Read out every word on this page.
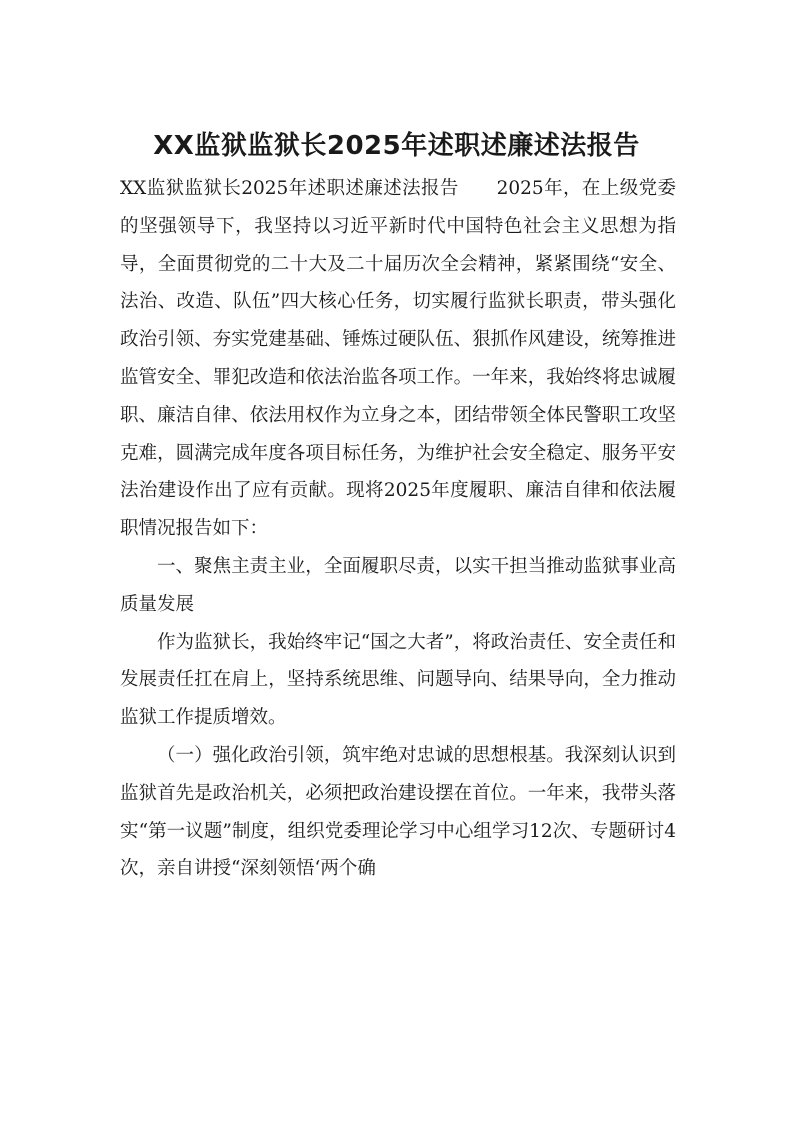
XX监狱监狱长2025年述职述廉述法报告

XX监狱监狱长2025年述职述廉述法报告　　2025年，在上级党委的坚强领导下，我坚持以习近平新时代中国特色社会主义思想为指导，全面贯彻党的二十大及二十届历次全会精神，紧紧围绕“安全、法治、改造、队伍”四大核心任务，切实履行监狱长职责，带头强化政治引领、夯实党建基础、锤炼过硬队伍、狠抓作风建设，统筹推进监管安全、罪犯改造和依法治监各项工作。一年来，我始终将忠诚履职、廉洁自律、依法用权作为立身之本，团结带领全体民警职工攻坚克难，圆满完成年度各项目标任务，为维护社会安全稳定、服务平安法治建设作出了应有贡献。现将2025年度履职、廉洁自律和依法履职情况报告如下：

一、聚焦主责主业，全面履职尽责，以实干担当推动监狱事业高质量发展

作为监狱长，我始终牢记“国之大者”，将政治责任、安全责任和发展责任扛在肩上，坚持系统思维、问题导向、结果导向，全力推动监狱工作提质增效。

（一）强化政治引领，筑牢绝对忠诚的思想根基。我深刻认识到监狱首先是政治机关，必须把政治建设摆在首位。一年来，我带头落实“第一议题”制度，组织党委理论学习中心组学习12次、专题研讨4次，亲自讲授“深刻领悟‘两个确
